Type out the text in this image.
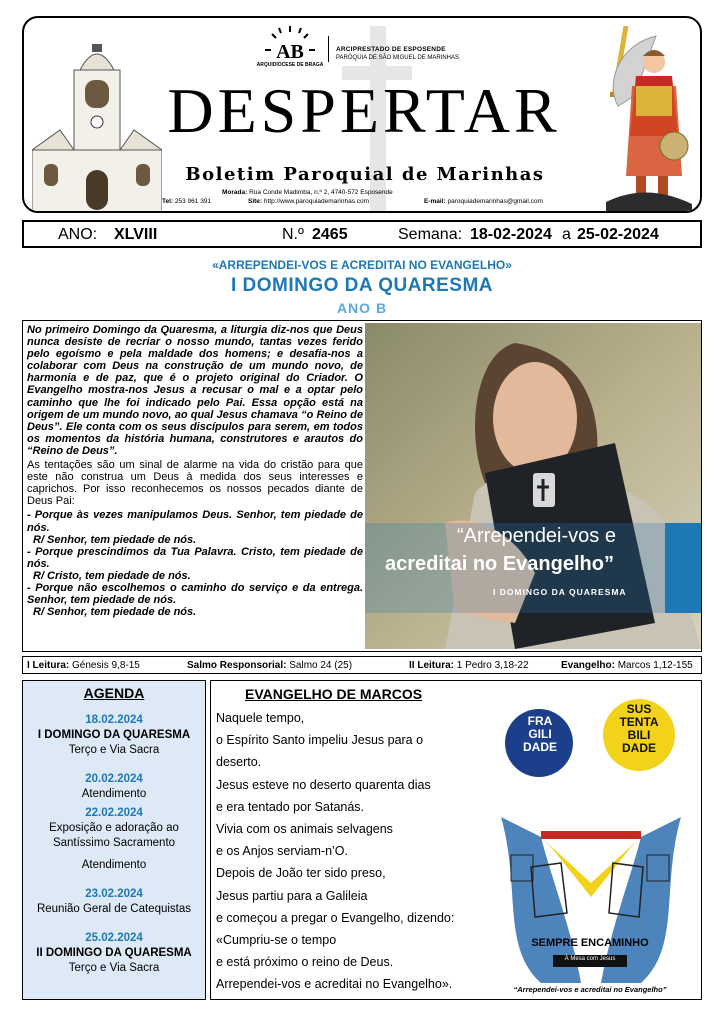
AB
ARQUIDIOCESE DE BRAGA
ARCIPRESTADO DE ESPOSENDE
PARÓQUIA DE SÃO MIGUEL DE MARINHAS
DESPERTAR
Boletim Paroquial de Marinhas
Morada: Rua Conde Madimba, n.º 2, 4740-572 Esposende
Tel: 253 961 391	Site: http://www.paroquiademarinhas.com	E-mail: paroquiademarinhas@gmail.com
ANO: XLVIII	N.º 2465	Semana: 18-02-2024 a 25-02-2024
«ARREPENDEI-VOS E ACREDITAI NO EVANGELHO»
I DOMINGO DA QUARESMA
ANO B

No primeiro Domingo da Quaresma, a liturgia diz-nos que Deus nunca desiste de recriar o nosso mundo, tantas vezes ferido pelo egoísmo e pela maldade dos homens; e desafia-nos a colaborar com Deus na construção de um mundo novo, de harmonia e de paz, que é o projeto original do Criador. O Evangelho mostra-nos Jesus a recusar o mal e a optar pelo caminho que lhe foi indicado pelo Pai. Essa opção está na origem de um mundo novo, ao qual Jesus chamava “o Reino de Deus”. Ele conta com os seus discípulos para serem, em todos os momentos da história humana, construtores e arautos do “Reino de Deus”.

As tentações são um sinal de alarme na vida do cristão para que este não construa um Deus à medida dos seus interesses e caprichos. Por isso reconhecemos os nossos pecados diante de Deus Pai:

- Porque às vezes manipulamos Deus. Senhor, tem piedade de nós.
R/ Senhor, tem piedade de nós.
- Porque prescindimos da Tua Palavra. Cristo, tem piedade de nós.
R/ Cristo, tem piedade de nós.
- Porque não escolhemos o caminho do serviço e da entrega. Senhor, tem piedade de nós.
R/ Senhor, tem piedade de nós.
“Arrependei-vos e
acreditai no Evangelho”
I DOMINGO DA QUARESMA
I Leitura: Génesis 9,8-15	Salmo Responsorial: Salmo 24 (25)	II Leitura: 1 Pedro 3,18-22	Evangelho: Marcos 1,12-155
AGENDA
18.02.2024
I DOMINGO DA QUARESMA
Terço e Via Sacra
20.02.2024
Atendimento
22.02.2024
Exposição e adoração ao
Santíssimo Sacramento
Atendimento
23.02.2024
Reunião Geral de Catequistas
25.02.2024
II DOMINGO DA QUARESMA
Terço e Via Sacra
EVANGELHO DE MARCOS
Naquele tempo,
o Espírito Santo impeliu Jesus para o
deserto.
Jesus esteve no deserto quarenta dias
e era tentado por Satanás.
Vivia com os animais selvagens
e os Anjos serviam-n’O.
Depois de João ter sido preso,
Jesus partiu para a Galileia
e começou a pregar o Evangelho, dizendo:
«Cumpriu-se o tempo
e está próximo o reino de Deus.
Arrependei-vos e acreditai no Evangelho».
FRA
GILI
DADE
SUS
TENTA
BILI
DADE
SEMPRE ENCAMINHO
À Mesa com Jesus
“Arrependei-vos e acreditai no Evangelho”
